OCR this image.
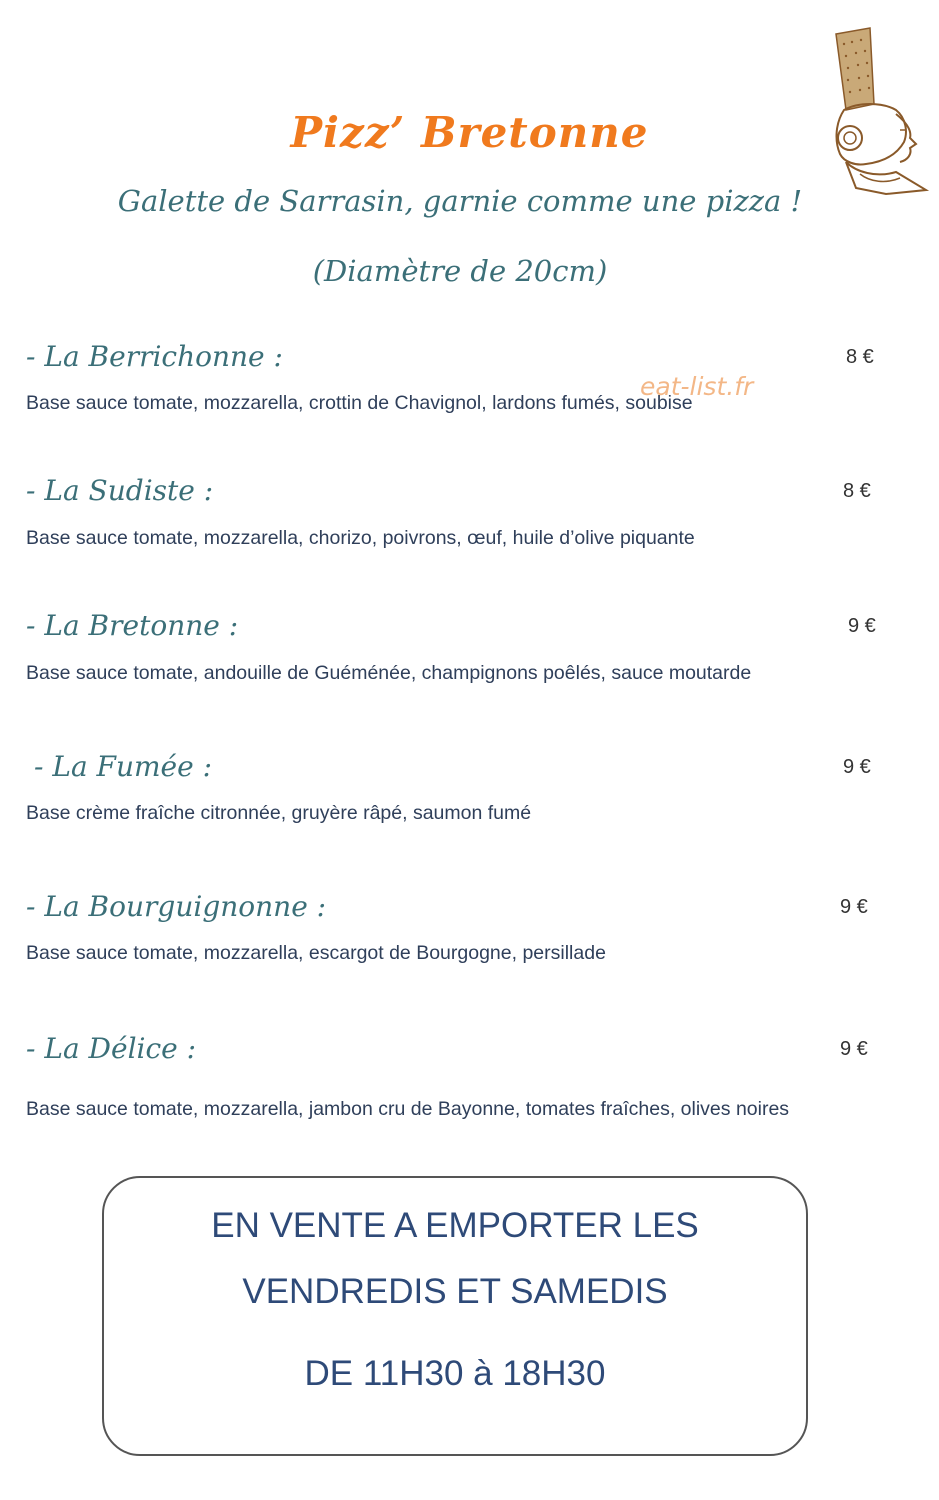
Pizz’ Bretonne
Galette de Sarrasin, garnie comme une pizza !
(Diamètre de 20cm)
eat-list.fr
- La Berrichonne :	8 €
Base sauce tomate, mozzarella, crottin de Chavignol, lardons fumés, soubise
- La Sudiste :	8 €
Base sauce tomate, mozzarella, chorizo, poivrons, œuf, huile d’olive piquante
- La Bretonne :	9 €
Base sauce tomate, andouille de Guéménée, champignons poêlés, sauce moutarde
- La Fumée :	9 €
Base crème fraîche citronnée, gruyère râpé, saumon fumé
- La Bourguignonne :	9 €
Base sauce tomate, mozzarella, escargot de Bourgogne, persillade
- La Délice :	9 €
Base sauce tomate, mozzarella, jambon cru de Bayonne, tomates fraîches, olives noires
EN VENTE A EMPORTER LES
VENDREDIS ET SAMEDIS
DE 11H30 à 18H30
